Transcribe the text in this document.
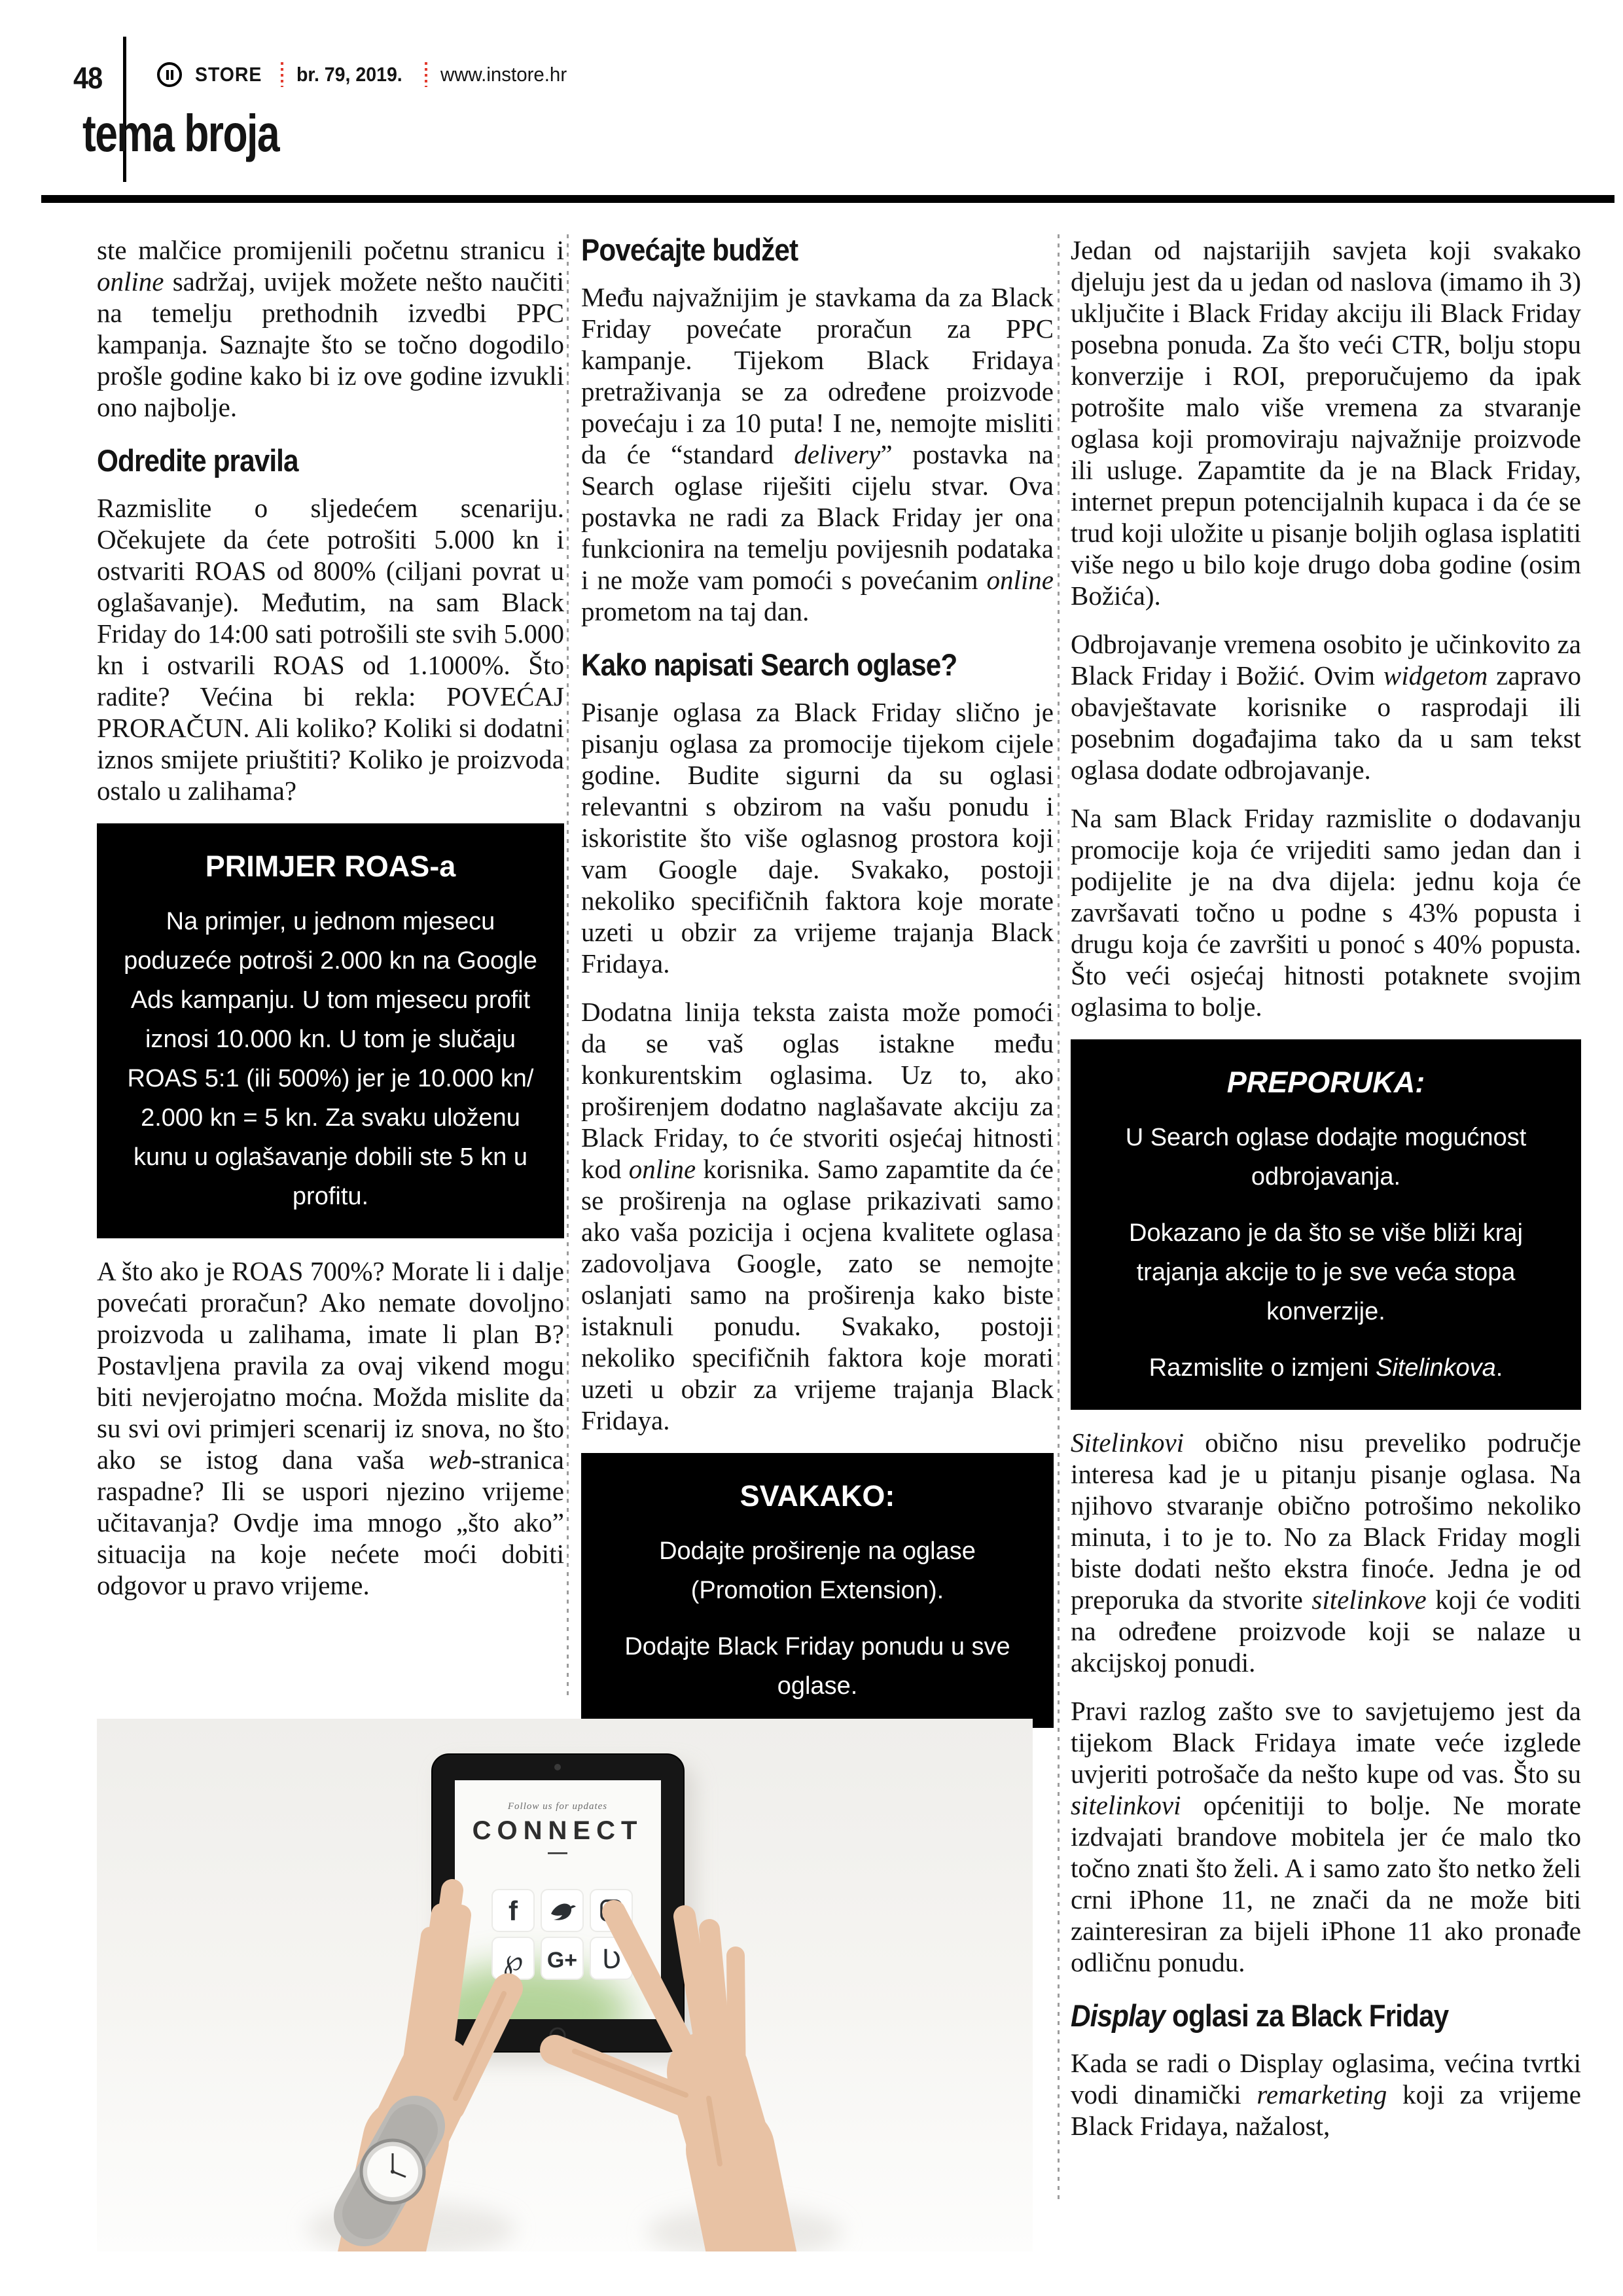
48	STORE br. 79, 2019. www.instore.hr
tema broja

ste malčice promijenili početnu stranicu i online sadržaj, uvijek možete nešto naučiti na temelju prethodnih izvedbi PPC kampanja. Saznajte što se točno dogodilo prošle godine kako bi iz ove godine izvukli ono najbolje.

Odredite pravila

Razmislite o sljedećem scenariju. Očekujete da ćete potrošiti 5.000 kn i ostvariti ROAS od 800% (ciljani povrat u oglašavanje). Međutim, na sam Black Friday do 14:00 sati potrošili ste svih 5.000 kn i ostvarili ROAS od 1.1000%. Što radite? Većina bi rekla: POVEĆAJ PRORAČUN. Ali koliko? Koliki si dodatni iznos smijete priuštiti? Koliko je proizvoda ostalo u zalihama?

PRIMJER ROAS-a

Na primjer, u jednom mjesecu poduzeće potroši 2.000 kn na Google Ads kampanju. U tom mjesecu profit iznosi 10.000 kn. U tom je slučaju ROAS 5:1 (ili 500%) jer je 10.000 kn/ 2.000 kn = 5 kn. Za svaku uloženu kunu u oglašavanje dobili ste 5 kn u profitu.

A što ako je ROAS 700%? Morate li i dalje povećati proračun? Ako nemate dovoljno proizvoda u zalihama, imate li plan B? Postavljena pravila za ovaj vikend mogu biti nevjerojatno moćna. Možda mislite da su svi ovi primjeri scenarij iz snova, no što ako se istog dana vaša web-stranica raspadne? Ili se uspori njezino vrijeme učitavanja? Ovdje ima mnogo „što ako” situacija na koje nećete moći dobiti odgovor u pravo vrijeme.

Povećajte budžet

Među najvažnijim je stavkama da za Black Friday povećate proračun za PPC kampanje. Tijekom Black Fridaya pretraživanja se za određene proizvode povećaju i za 10 puta! I ne, nemojte misliti da će “standard delivery” postavka na Search oglase riješiti cijelu stvar. Ova postavka ne radi za Black Friday jer ona funkcionira na temelju povijesnih podataka i ne može vam pomoći s povećanim online prometom na taj dan.

Kako napisati Search oglase?

Pisanje oglasa za Black Friday slično je pisanju oglasa za promocije tijekom cijele godine. Budite sigurni da su oglasi relevantni s obzirom na vašu ponudu i iskoristite što više oglasnog prostora koji vam Google daje. Svakako, postoji nekoliko specifičnih faktora koje morate uzeti u obzir za vrijeme trajanja Black Fridaya.

Dodatna linija teksta zaista može pomoći da se vaš oglas istakne među konkurentskim oglasima. Uz to, ako proširenjem dodatno naglašavate akciju za Black Friday, to će stvoriti osjećaj hitnosti kod online korisnika. Samo zapamtite da će se proširenja na oglase prikazivati samo ako vaša pozicija i ocjena kvalitete oglasa zadovoljava Google, zato se nemojte oslanjati samo na proširenja kako biste istaknuli ponudu. Svakako, postoji nekoliko specifičnih faktora koje morati uzeti u obzir za vrijeme trajanja Black Fridaya.

SVAKAKO:

Dodajte proširenje na oglase (Promotion Extension).

Dodajte Black Friday ponudu u sve oglase.

Jedan od najstarijih savjeta koji svakako djeluju jest da u jedan od naslova (imamo ih 3) uključite i Black Friday akciju ili Black Friday posebna ponuda. Za što veći CTR, bolju stopu konverzije i ROI, preporučujemo da ipak potrošite malo više vremena za stvaranje oglasa koji promoviraju najvažnije proizvode ili usluge. Zapamtite da je na Black Friday, internet prepun potencijalnih kupaca i da će se trud koji uložite u pisanje boljih oglasa isplatiti više nego u bilo koje drugo doba godine (osim Božića).

Odbrojavanje vremena osobito je učinkovito za Black Friday i Božić. Ovim widgetom zapravo obavještavate korisnike o rasprodaji ili posebnim događajima tako da u sam tekst oglasa dodate odbrojavanje.

Na sam Black Friday razmislite o dodavanju promocije koja će vrijediti samo jedan dan i podijelite je na dva dijela: jednu koja će završavati točno u podne s 43% popusta i drugu koja će završiti u ponoć s 40% popusta. Što veći osjećaj hitnosti potaknete svojim oglasima to bolje.

PREPORUKA:

U Search oglase dodajte mogućnost odbrojavanja.

Dokazano je da što se više bliži kraj trajanja akcije to je sve veća stopa konverzije.

Razmislite o izmjeni Sitelinkova.

Sitelinkovi obično nisu preveliko područje interesa kad je u pitanju pisanje oglasa. Na njihovo stvaranje obično potrošimo nekoliko minuta, i to je to. No za Black Friday mogli biste dodati nešto ekstra finoće. Jedna je od preporuka da stvorite sitelinkove koji će voditi na određene proizvode koji se nalaze u akcijskoj ponudi.

Pravi razlog zašto sve to savjetujemo jest da tijekom Black Fridaya imate veće izglede uvjeriti potrošače da nešto kupe od vas. Što su sitelinkovi općenitiji to bolje. Ne morate izdvajati brandove mobitela jer će malo tko točno znati što želi. A i samo zato što netko želi crni iPhone 11, ne znači da ne može biti zainteresiran za bijeli iPhone 11 ako pronađe odličnu ponudu.

Display oglasi za Black Friday

Kada se radi o Display oglasima, većina tvrtki vodi dinamički remarketing koji za vrijeme Black Fridaya, nažalost,

Follow us for updates
CONNECT
f
℘ G+ Ʋ
